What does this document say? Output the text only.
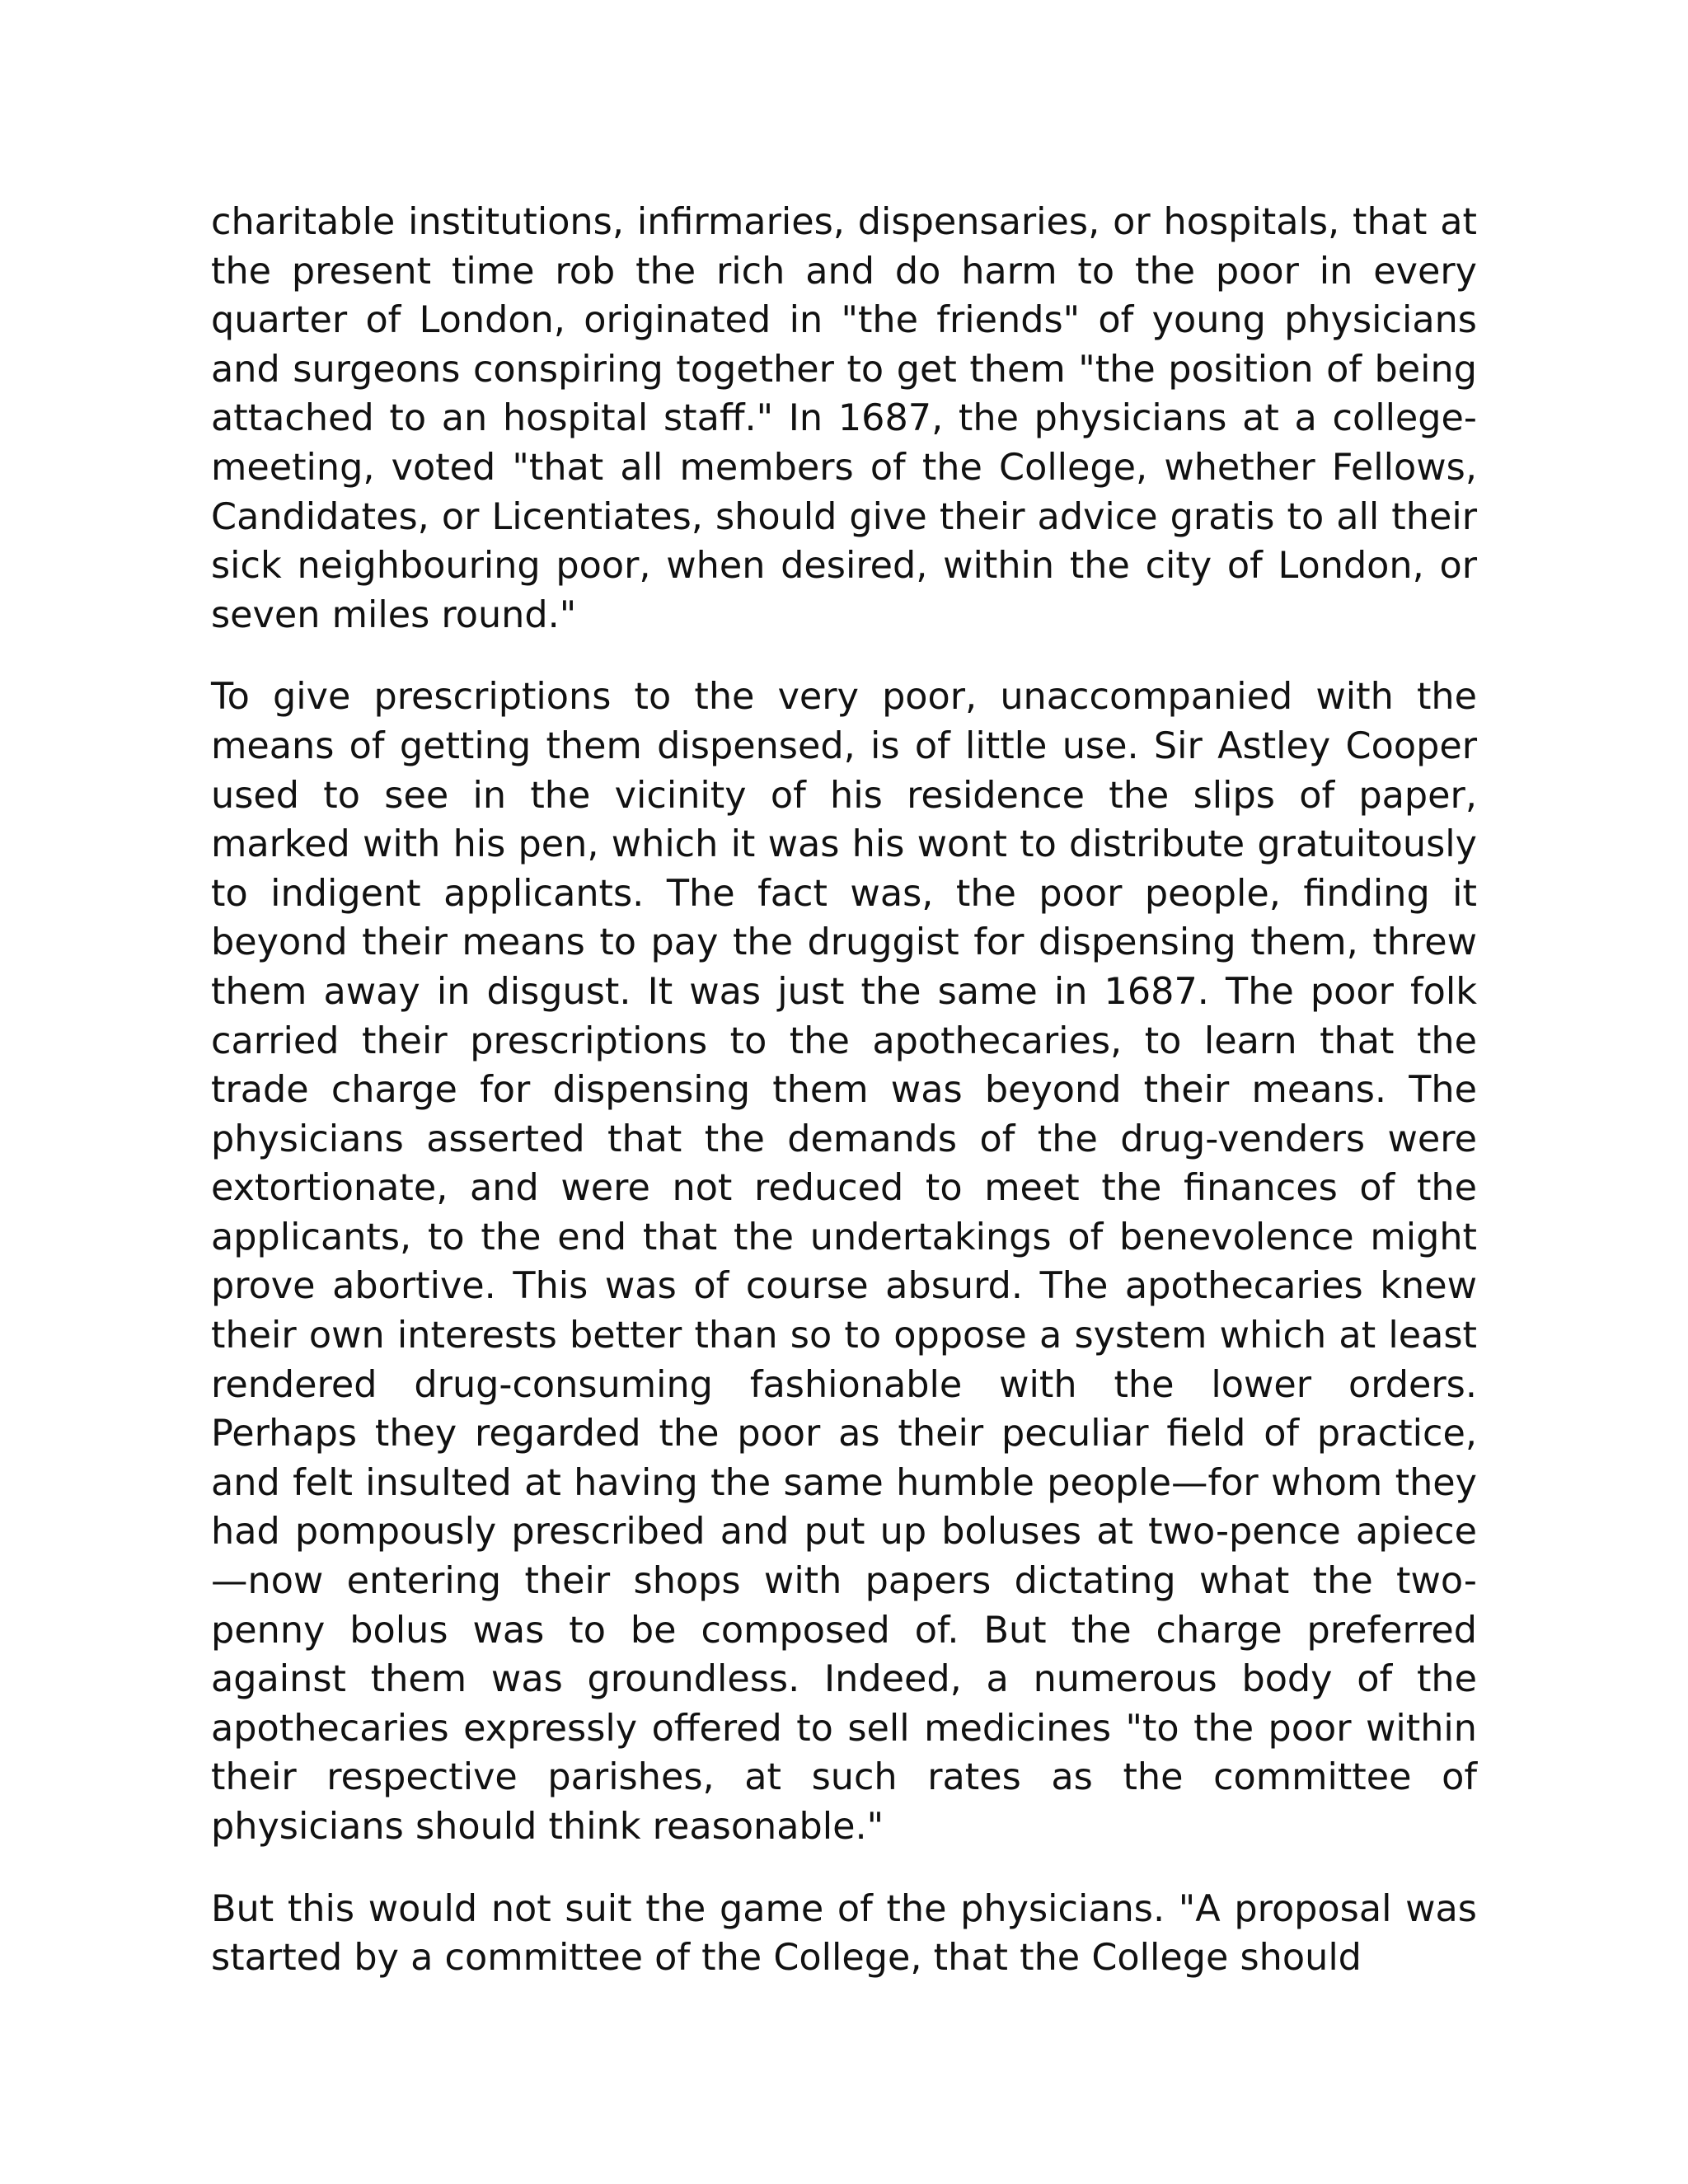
charitable institutions, infirmaries, dispensaries, or hospitals, that at the present time rob the rich and do harm to the poor in every quarter of London, originated in "the friends" of young physicians and surgeons conspiring together to get them "the position of being attached to an hospital staff." In 1687, the physicians at a college-meeting, voted "that all members of the College, whether Fellows, Candidates, or Licentiates, should give their advice gratis to all their sick neighbouring poor, when desired, within the city of London, or seven miles round."

To give prescriptions to the very poor, unaccompanied with the means of getting them dispensed, is of little use. Sir Astley Cooper used to see in the vicinity of his residence the slips of paper, marked with his pen, which it was his wont to distribute gratuitously to indigent applicants. The fact was, the poor people, finding it beyond their means to pay the druggist for dispensing them, threw them away in disgust. It was just the same in 1687. The poor folk carried their prescriptions to the apothecaries, to learn that the trade charge for dispensing them was beyond their means. The physicians asserted that the demands of the drug-venders were extortionate, and were not reduced to meet the finances of the applicants, to the end that the undertakings of benevolence might prove abortive. This was of course absurd. The apothecaries knew their own interests better than so to oppose a system which at least rendered drug-consuming fashionable with the lower orders. Perhaps they regarded the poor as their peculiar field of practice, and felt insulted at having the same humble people—for whom they had pompously prescribed and put up boluses at two-pence apiece—now entering their shops with papers dictating what the two-penny bolus was to be composed of. But the charge preferred against them was groundless. Indeed, a numerous body of the apothecaries expressly offered to sell medicines "to the poor within their respective parishes, at such rates as the committee of physicians should think reasonable."

But this would not suit the game of the physicians. "A proposal was started by a committee of the College, that the College should
